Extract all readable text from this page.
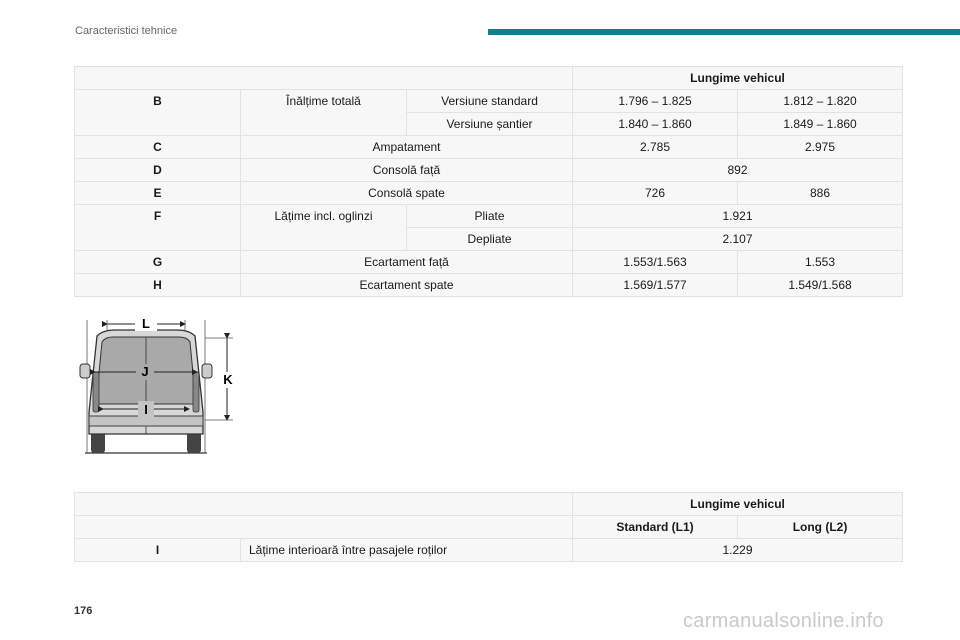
Caracteristici tehnice
			Lungime vehicul	
B	Înălțime totală	Versiune standard	1.796 – 1.825	1.812 – 1.820
		Versiune șantier	1.840 – 1.860	1.849 – 1.860
C	Ampatament		2.785	2.975
D	Consolă față		892	
E	Consolă spate		726	886
F	Lățime incl. oglinzi	Pliate	1.921	
		Depliate	2.107	
G	Ecartament față		1.553/1.563	1.553
H	Ecartament spate		1.569/1.577	1.549/1.568
L
J
I
K
		Lungime vehicul	
		Standard (L1)	Long (L2)
I	Lățime interioară între pasajele roților	1.229	
176	carmanualsonline.info
